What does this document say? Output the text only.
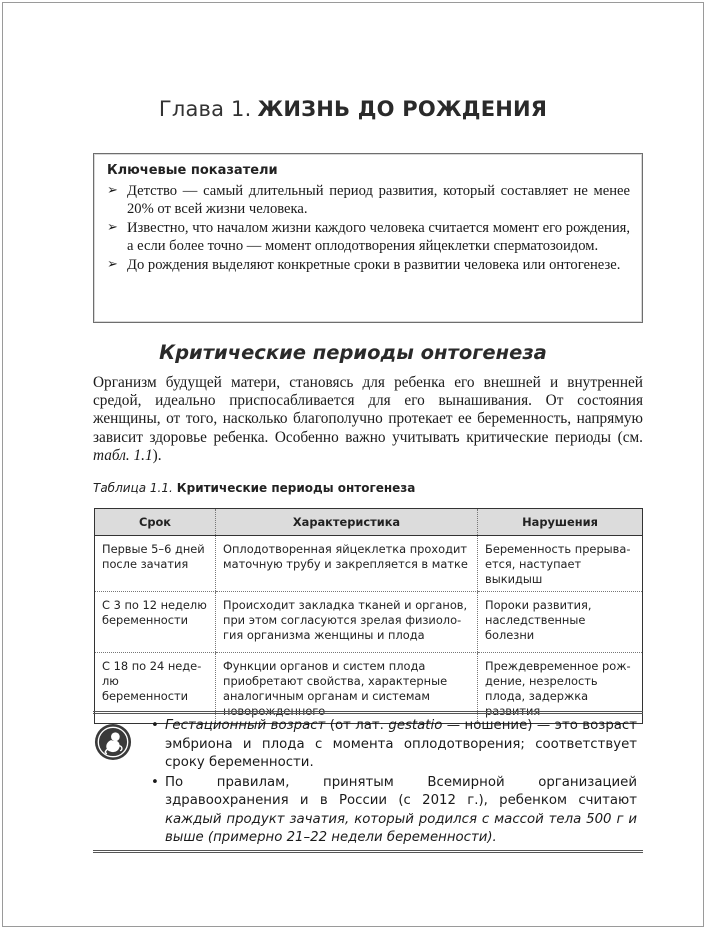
Глава 1. ЖИЗНЬ ДО РОЖДЕНИЯ
Ключевые показатели
➢ Детство — самый длительный период развития, который составляет не менее 20% от всей жизни человека.
➢ Известно, что началом жизни каждого человека считается момент его рождения, а если более точно — момент оплодотворения яйцеклетки сперматозоидом.
➢ До рождения выделяют конкретные сроки в развитии человека или онтогенезе.
Критические периоды онтогенеза

Организм будущей матери, становясь для ребенка его внешней и внутренней средой, идеально приспосабливается для его вынашивания. От состояния женщины, от того, насколько благополучно протекает ее беременность, напрямую зависит здоровье ребенка. Особенно важно учитывать критические периоды (см. табл. 1.1).

Таблица 1.1. Критические периоды онтогенеза
Срок	Характеристика	Нарушения
Первые 5–6 дней после зачатия	Оплодотворенная яйцеклетка проходит маточную трубу и закрепляется в матке	Беременность прерывается, наступает выкидыш
С 3 по 12 неделю беременности	Происходит закладка тканей и органов, при этом согласуются зрелая физиология организма женщины и плода	Пороки развития, наследственные болезни
С 18 по 24 неделю беременности	Функции органов и систем плода приобретают свойства, характерные аналогичным органам и системам новорожденного	Преждевременное рождение, незрелость плода, задержка развития
• Гестационный возраст (от лат. gestatio — ношение) — это возраст эмбриона и плода с момента оплодотворения; соответствует сроку беременности.
• По правилам, принятым Всемирной организацией здравоохранения и в России (с 2012 г.), ребенком считают каждый продукт зачатия, который родился с массой тела 500 г и выше (примерно 21–22 недели беременности).
